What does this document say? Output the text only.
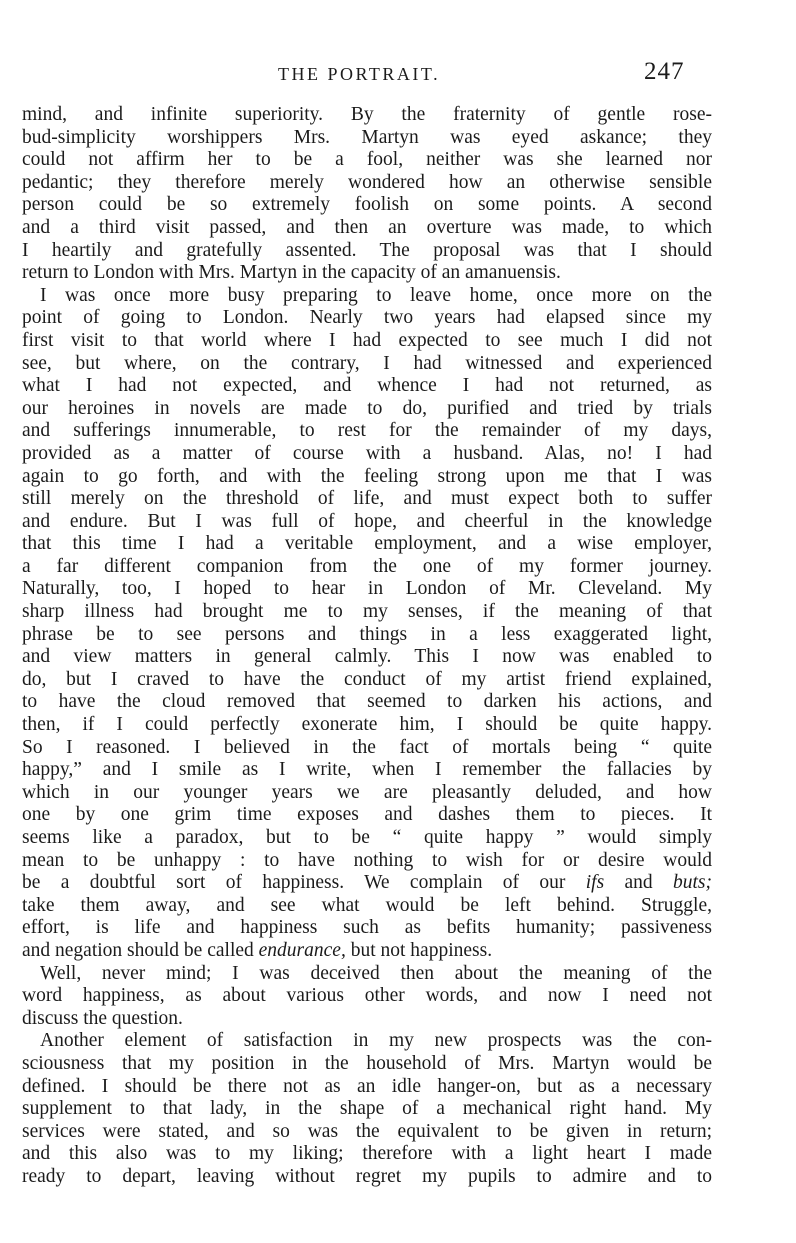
THE PORTRAIT.	247
mind, and infinite superiority. By the fraternity of gentle rose-
bud-simplicity worshippers Mrs. Martyn was eyed askance; they
could not affirm her to be a fool, neither was she learned nor
pedantic; they therefore merely wondered how an otherwise sensible
person could be so extremely foolish on some points. A second
and a third visit passed, and then an overture was made, to which
I heartily and gratefully assented. The proposal was that I should
return to London with Mrs. Martyn in the capacity of an amanuensis.
I was once more busy preparing to leave home, once more on the
point of going to London. Nearly two years had elapsed since my
first visit to that world where I had expected to see much I did not
see, but where, on the contrary, I had witnessed and experienced
what I had not expected, and whence I had not returned, as
our heroines in novels are made to do, purified and tried by trials
and sufferings innumerable, to rest for the remainder of my days,
provided as a matter of course with a husband. Alas, no! I had
again to go forth, and with the feeling strong upon me that I was
still merely on the threshold of life, and must expect both to suffer
and endure. But I was full of hope, and cheerful in the knowledge
that this time I had a veritable employment, and a wise employer,
a far different companion from the one of my former journey.
Naturally, too, I hoped to hear in London of Mr. Cleveland. My
sharp illness had brought me to my senses, if the meaning of that
phrase be to see persons and things in a less exaggerated light,
and view matters in general calmly. This I now was enabled to
do, but I craved to have the conduct of my artist friend explained,
to have the cloud removed that seemed to darken his actions, and
then, if I could perfectly exonerate him, I should be quite happy.
So I reasoned. I believed in the fact of mortals being “ quite
happy,” and I smile as I write, when I remember the fallacies by
which in our younger years we are pleasantly deluded, and how
one by one grim time exposes and dashes them to pieces. It
seems like a paradox, but to be “ quite happy ” would simply
mean to be unhappy : to have nothing to wish for or desire would
be a doubtful sort of happiness. We complain of our ifs and buts;
take them away, and see what would be left behind. Struggle,
effort, is life and happiness such as befits humanity; passiveness
and negation should be called endurance, but not happiness.
Well, never mind; I was deceived then about the meaning of the
word happiness, as about various other words, and now I need not
discuss the question.
Another element of satisfaction in my new prospects was the con-
sciousness that my position in the household of Mrs. Martyn would be
defined. I should be there not as an idle hanger-on, but as a necessary
supplement to that lady, in the shape of a mechanical right hand. My
services were stated, and so was the equivalent to be given in return;
and this also was to my liking; therefore with a light heart I made
ready to depart, leaving without regret my pupils to admire and to
